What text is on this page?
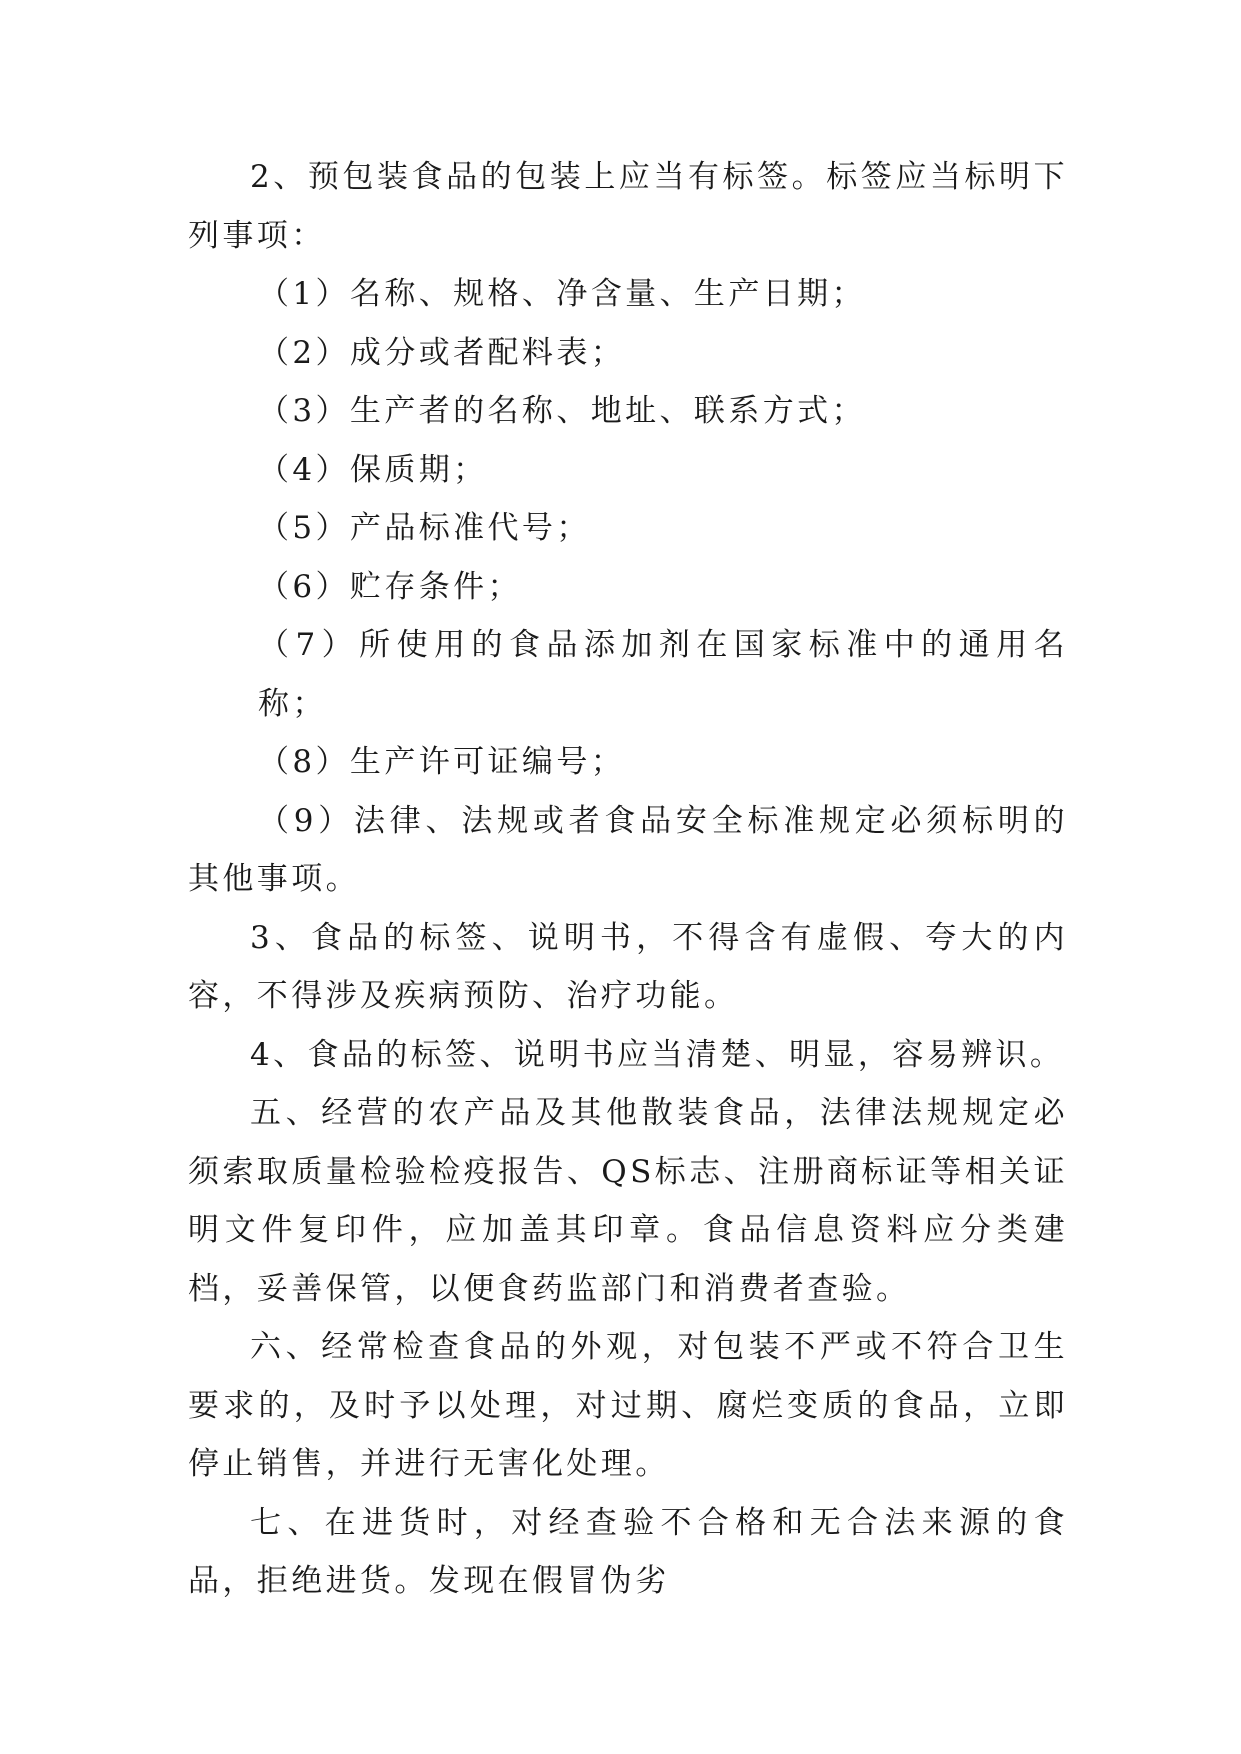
2、预包装食品的包装上应当有标签。标签应当标明下列事项：

（1）名称、规格、净含量、生产日期；

（2）成分或者配料表；

（3）生产者的名称、地址、联系方式；

（4）保质期；

（5）产品标准代号；

（6）贮存条件；

（7）所使用的食品添加剂在国家标准中的通用名称；

（8）生产许可证编号；

（9）法律、法规或者食品安全标准规定必须标明的其他事项。

3、食品的标签、说明书，不得含有虚假、夸大的内容，不得涉及疾病预防、治疗功能。

4、食品的标签、说明书应当清楚、明显，容易辨识。

五、经营的农产品及其他散装食品，法律法规规定必须索取质量检验检疫报告、QS标志、注册商标证等相关证明文件复印件，应加盖其印章。食品信息资料应分类建档，妥善保管，以便食药监部门和消费者查验。

六、经常检查食品的外观，对包装不严或不符合卫生要求的，及时予以处理，对过期、腐烂变质的食品，立即停止销售，并进行无害化处理。

七、在进货时，对经查验不合格和无合法来源的食品，拒绝进货。发现在假冒伪劣
